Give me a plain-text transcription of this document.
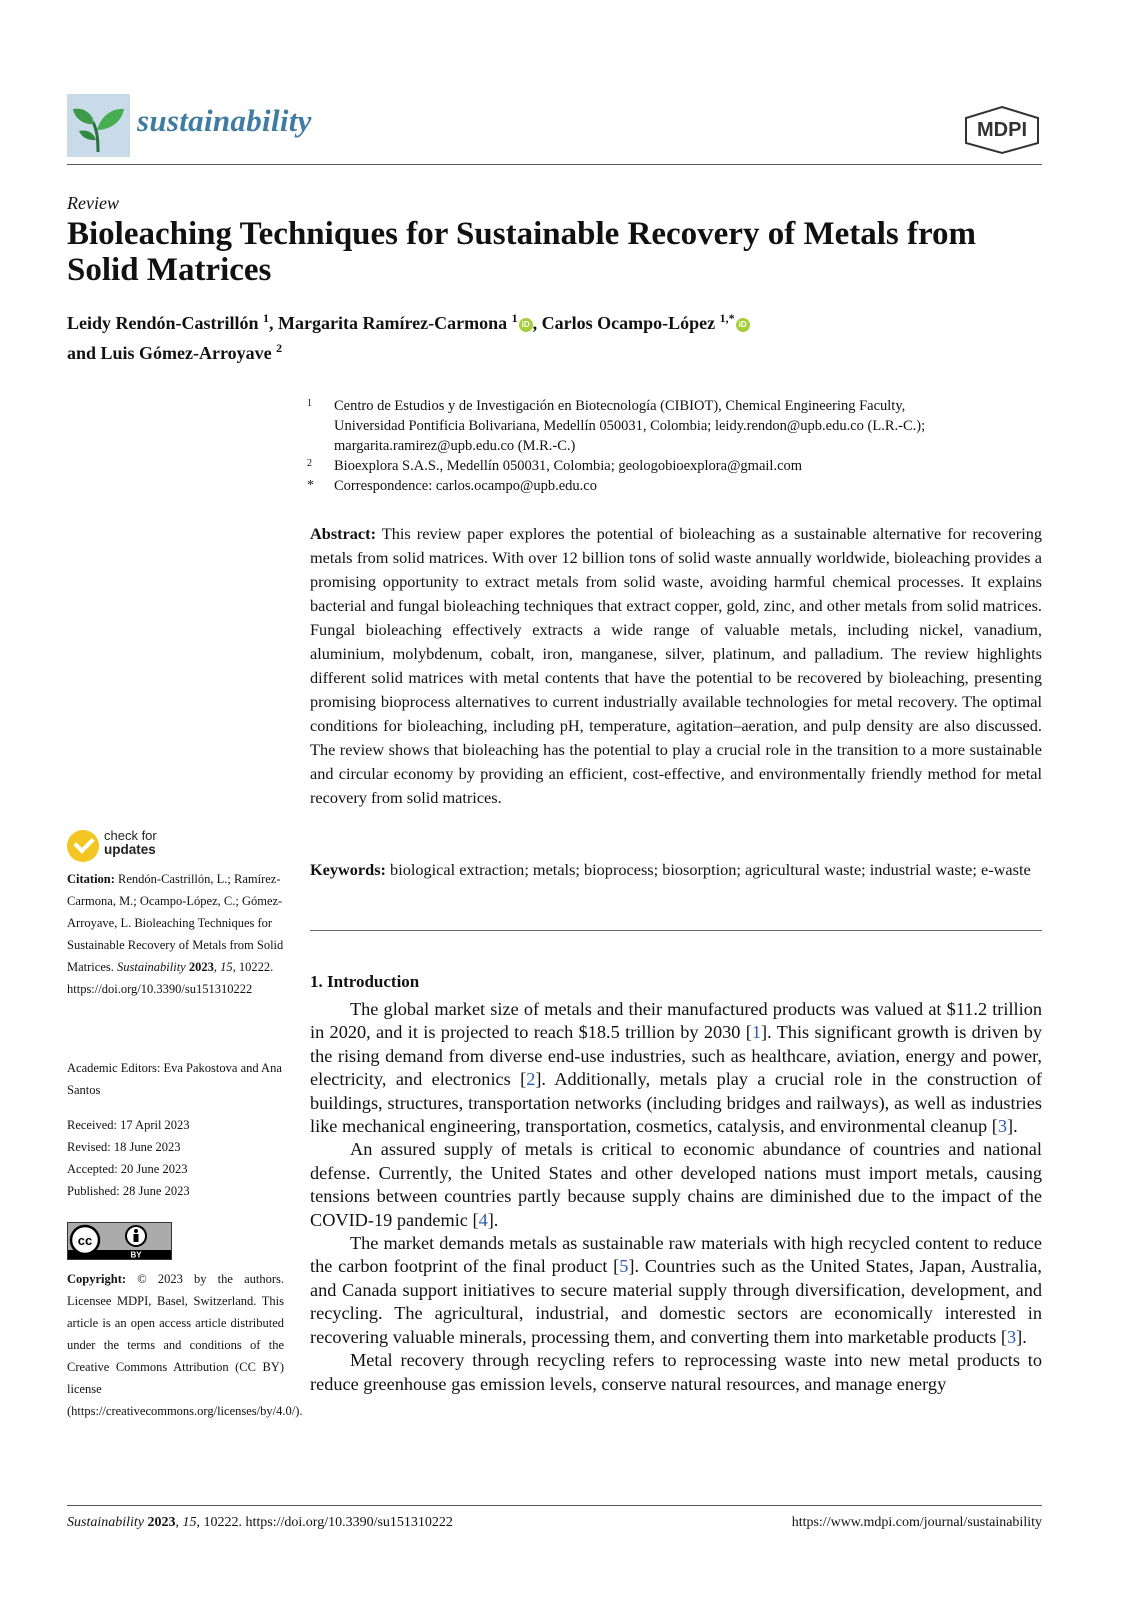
sustainability	MDPI
Review
Bioleaching Techniques for Sustainable Recovery of Metals from Solid Matrices
Leidy Rendón-Castrillón $^1$, Margarita Ramírez-Carmona $^1$ iD , Carlos Ocampo-López $^{1,*}$ iD
and Luis Gómez-Arroyave $^2$
1 Centro de Estudios y de Investigación en Biotecnología (CIBIOT), Chemical Engineering Faculty,
Universidad Pontificia Bolivariana, Medellín 050031, Colombia; leidy.rendon@upb.edu.co (L.R.-C.);
margarita.ramirez@upb.edu.co (M.R.-C.)
2 Bioexplora S.A.S., Medellín 050031, Colombia; geologobioexplora@gmail.com
* Correspondence: carlos.ocampo@upb.edu.co
Abstract: This review paper explores the potential of bioleaching as a sustainable alternative for recovering metals from solid matrices. With over 12 billion tons of solid waste annually worldwide, bioleaching provides a promising opportunity to extract metals from solid waste, avoiding harmful chemical processes. It explains bacterial and fungal bioleaching techniques that extract copper, gold, zinc, and other metals from solid matrices. Fungal bioleaching effectively extracts a wide range of valuable metals, including nickel, vanadium, aluminium, molybdenum, cobalt, iron, manganese, silver, platinum, and palladium. The review highlights different solid matrices with metal contents that have the potential to be recovered by bioleaching, presenting promising bioprocess alternatives to current industrially available technologies for metal recovery. The optimal conditions for bioleaching, including pH, temperature, agitation–aeration, and pulp density are also discussed. The review shows that bioleaching has the potential to play a crucial role in the transition to a more sustainable and circular economy by providing an efficient, cost-effective, and environmentally friendly method for metal recovery from solid matrices.
Keywords: biological extraction; metals; bioprocess; biosorption; agricultural waste; industrial waste; e-waste
1. Introduction
The global market size of metals and their manufactured products was valued at $11.2 trillion in 2020, and it is projected to reach $18.5 trillion by 2030 [1]. This significant growth is driven by the rising demand from diverse end-use industries, such as healthcare, aviation, energy and power, electricity, and electronics [2]. Additionally, metals play a crucial role in the construction of buildings, structures, transportation networks (including bridges and railways), as well as industries like mechanical engineering, transportation, cosmetics, catalysis, and environmental cleanup [3].
An assured supply of metals is critical to economic abundance of countries and national defense. Currently, the United States and other developed nations must import metals, causing tensions between countries partly because supply chains are diminished due to the impact of the COVID-19 pandemic [4].
The market demands metals as sustainable raw materials with high recycled content to reduce the carbon footprint of the final product [5]. Countries such as the United States, Japan, Australia, and Canada support initiatives to secure material supply through diversification, development, and recycling. The agricultural, industrial, and domestic sectors are economically interested in recovering valuable minerals, processing them, and converting them into marketable products [3].
Metal recovery through recycling refers to reprocessing waste into new metal products to reduce greenhouse gas emission levels, conserve natural resources, and manage energy
check for
updates
Citation: Rendón-Castrillón, L.; Ramírez-Carmona, M.; Ocampo-López, C.; Gómez-Arroyave, L. Bioleaching Techniques for Sustainable Recovery of Metals from Solid Matrices. Sustainability 2023, 15, 10222. https://doi.org/10.3390/su151310222
Academic Editors: Eva Pakostova and Ana Santos
Received: 17 April 2023
Revised: 18 June 2023
Accepted: 20 June 2023
Published: 28 June 2023
cc
BY
Copyright: © 2023 by the authors. Licensee MDPI, Basel, Switzerland. This article is an open access article distributed under the terms and conditions of the Creative Commons Attribution (CC BY) license (https://creativecommons.org/licenses/by/4.0/).
Sustainability 2023, 15, 10222. https://doi.org/10.3390/su151310222	https://www.mdpi.com/journal/sustainability
